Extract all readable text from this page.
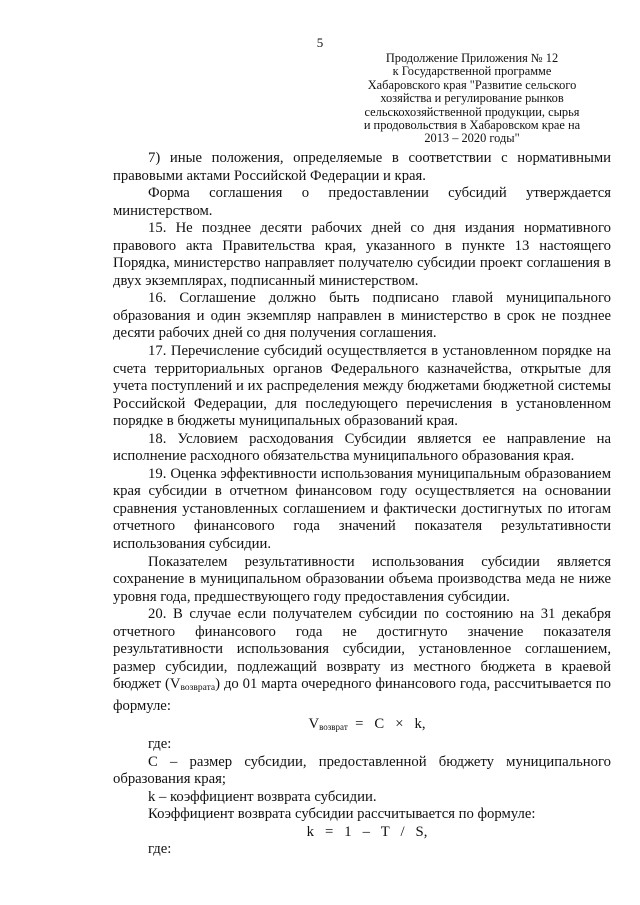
5
Продолжение Приложения № 12
к Государственной программе
Хабаровского края "Развитие сельского
хозяйства и регулирование рынков
сельскохозяйственной продукции, сырья
и продовольствия в Хабаровском крае на
2013 – 2020 годы"

7) иные положения, определяемые в соответствии с нормативными правовыми актами Российской Федерации и края.

Форма соглашения о предоставлении субсидий утверждается министерством.

15. Не позднее десяти рабочих дней со дня издания нормативного правового акта Правительства края, указанного в пункте 13 настоящего Порядка, министерство направляет получателю субсидии проект соглашения в двух экземплярах, подписанный министерством.

16. Соглашение должно быть подписано главой муниципального образования и один экземпляр направлен в министерство в срок не позднее десяти рабочих дней со дня получения соглашения.

17. Перечисление субсидий осуществляется в установленном порядке на счета территориальных органов Федерального казначейства, открытые для учета поступлений и их распределения между бюджетами бюджетной системы Российской Федерации, для последующего перечисления в установленном порядке в бюджеты муниципальных образований края.

18. Условием расходования Субсидии является ее направление на исполнение расходного обязательства муниципального образования края.

19. Оценка эффективности использования муниципальным образованием края субсидии в отчетном финансовом году осуществляется на основании сравнения установленных соглашением и фактически достигнутых по итогам отчетного финансового года значений показателя результативности использования субсидии.

Показателем результативности использования субсидии является сохранение в муниципальном образовании объема производства меда не ниже уровня года, предшествующего году предоставления субсидии.

20. В случае если получателем субсидии по состоянию на 31 декабря отчетного финансового года не достигнуто значение показателя результативности использования субсидии, установленное соглашением, размер субсидии, подлежащий возврату из местного бюджета в краевой бюджет (Vвозврата) до 01 марта очередного финансового года, рассчитывается по формуле:

$V_{возврат} = C \times k$,

где:

C – размер субсидии, предоставленной бюджету муниципального образования края;

k – коэффициент возврата субсидии.

Коэффициент возврата субсидии рассчитывается по формуле:

k   =   1   –   T   /   S,

где:
